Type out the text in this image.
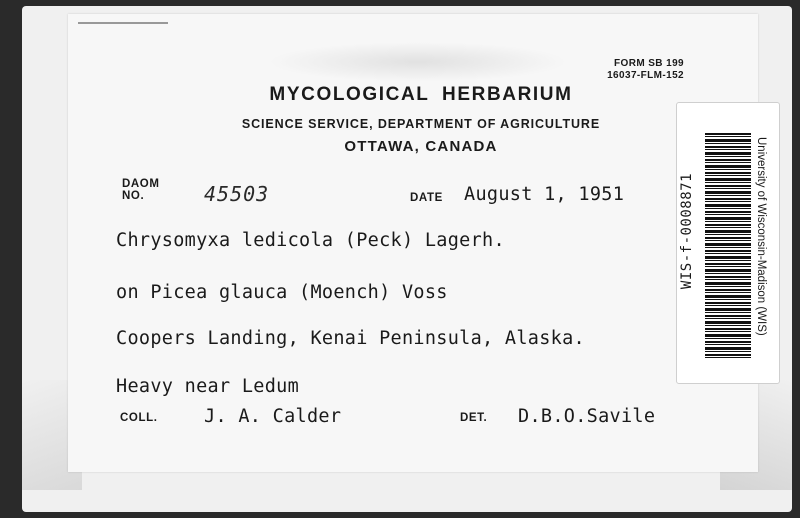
FORM SB 199
16037-FLM-152
MYCOLOGICAL HERBARIUM
SCIENCE SERVICE, DEPARTMENT OF AGRICULTURE
OTTAWA, CANADA
DAOM
NO.	45503	DATE August 1, 1951
Chrysomyxa ledicola (Peck) Lagerh.
on Picea glauca (Moench) Voss
Coopers Landing, Kenai Peninsula, Alaska.
Heavy near Ledum
COLL.	J. A. Calder	DET. D.B.O.Savile
WIS-f-0008871	University of Wisconsin-Madison (WIS)
